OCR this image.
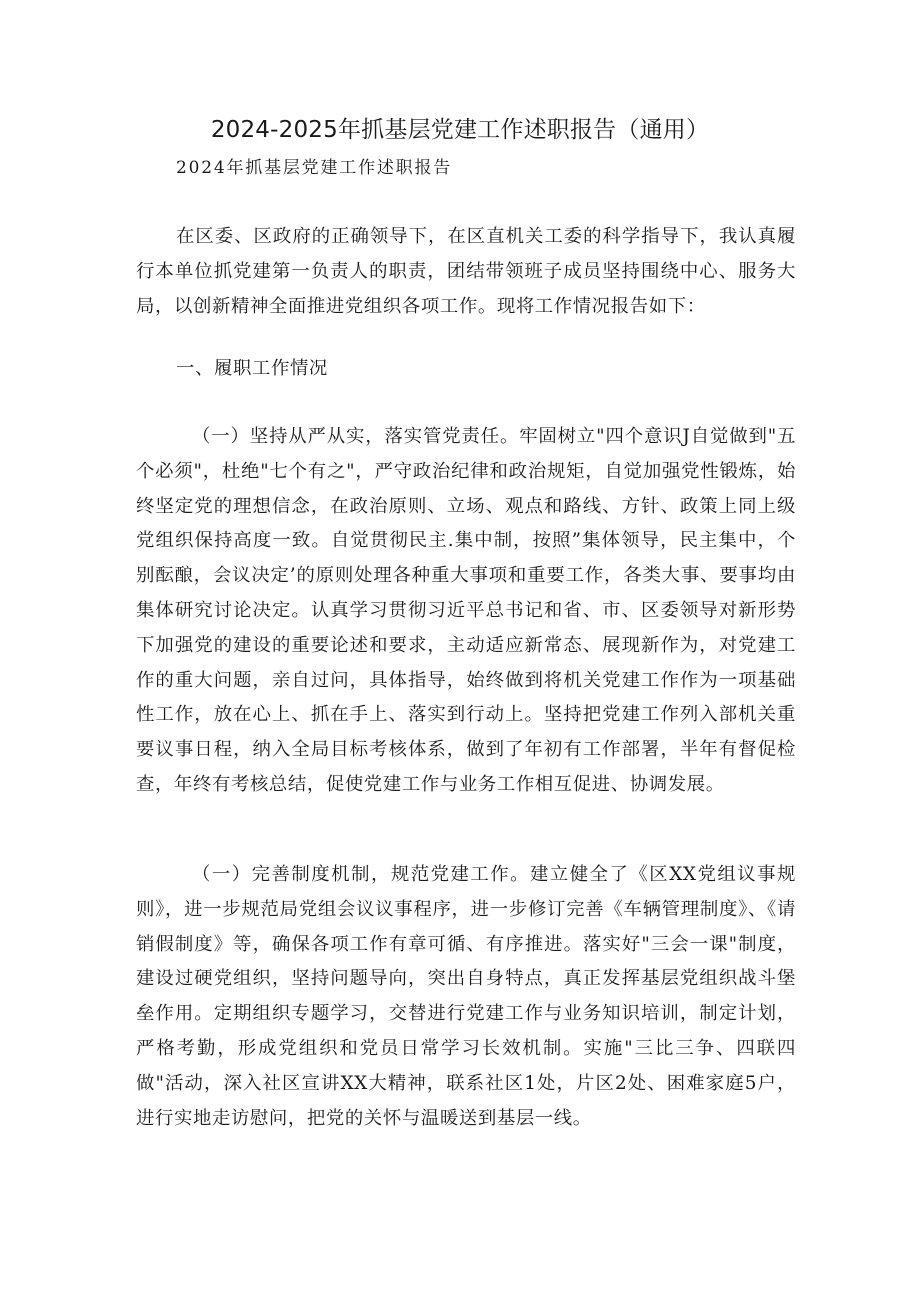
2024-2025年抓基层党建工作述职报告（通用）

2024年抓基层党建工作述职报告

在区委、区政府的正确领导下，在区直机关工委的科学指导下，我认真履行本单位抓党建第一负责人的职责，团结带领班子成员坚持围绕中心、服务大局，以创新精神全面推进党组织各项工作。现将工作情况报告如下：

一、履职工作情况

（一）坚持从严从实，落实管党责任。牢固树立"四个意识J自觉做到"五个必须"，杜绝"七个有之"，严守政治纪律和政治规矩，自觉加强党性锻炼，始终坚定党的理想信念，在政治原则、立场、观点和路线、方针、政策上同上级党组织保持高度一致。自觉贯彻民主.集中制，按照”集体领导，民主集中，个别酝酿，会议决定’的原则处理各种重大事项和重要工作，各类大事、要事均由集体研究讨论决定。认真学习贯彻习近平总书记和省、市、区委领导对新形势下加强党的建设的重要论述和要求，主动适应新常态、展现新作为，对党建工作的重大问题，亲自过问，具体指导，始终做到将机关党建工作作为一项基础性工作，放在心上、抓在手上、落实到行动上。坚持把党建工作列入部机关重要议事日程，纳入全局目标考核体系，做到了年初有工作部署，半年有督促检查，年终有考核总结，促使党建工作与业务工作相互促进、协调发展。

（一）完善制度机制，规范党建工作。建立健全了《区XX党组议事规则》，进一步规范局党组会议议事程序，进一步修订完善《车辆管理制度》、《请销假制度》等，确保各项工作有章可循、有序推进。落实好"三会一课"制度，建设过硬党组织，坚持问题导向，突出自身特点，真正发挥基层党组织战斗堡垒作用。定期组织专题学习，交替进行党建工作与业务知识培训，制定计划，严格考勤，形成党组织和党员日常学习长效机制。实施"三比三争、四联四做"活动，深入社区宣讲XX大精神，联系社区1处，片区2处、困难家庭5户，进行实地走访慰问，把党的关怀与温暖送到基层一线。
